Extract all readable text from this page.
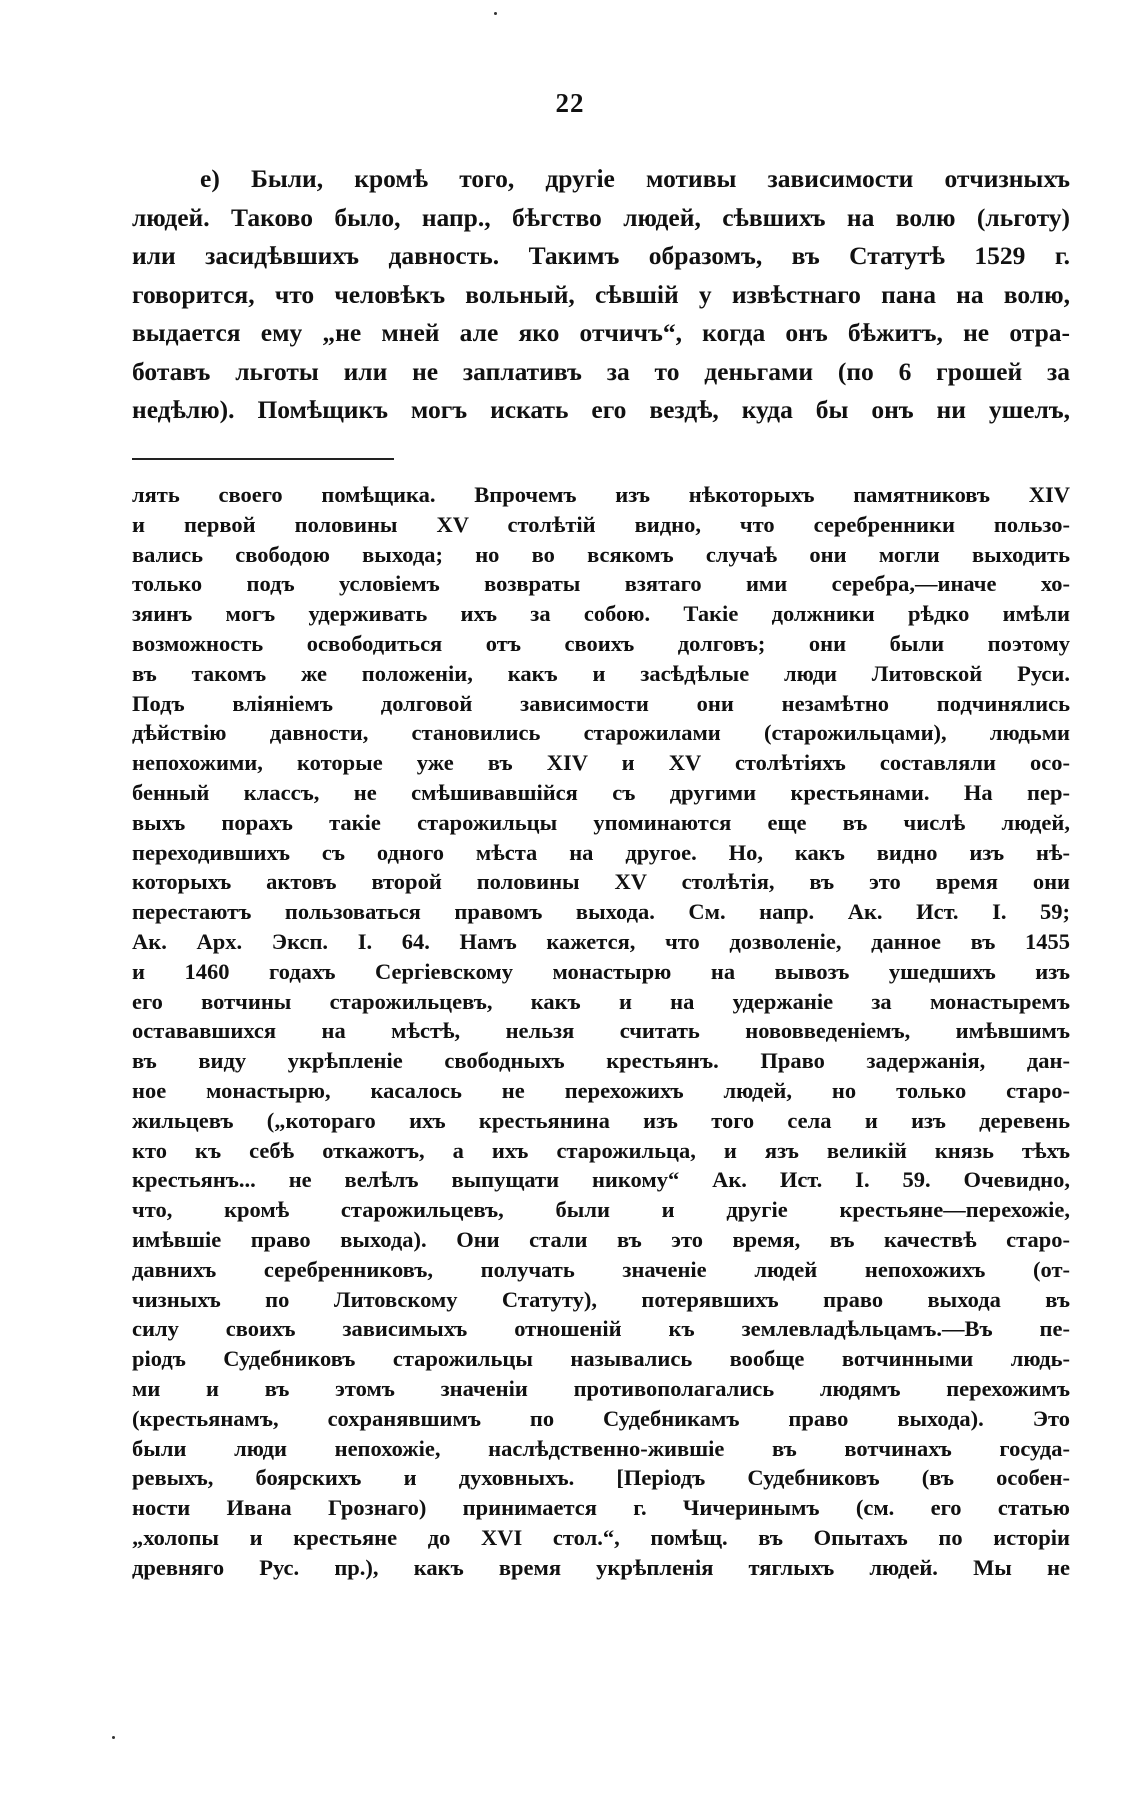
22
е) Были, кромѣ того, другіе мотивы зависимости отчизныхъ
людей. Таково было, напр., бѣгство людей, сѣвшихъ на волю (льготу)
или засидѣвшихъ давность. Такимъ образомъ, въ Статутѣ 1529 г.
говорится, что человѣкъ вольный, сѣвшій у извѣстнаго пана на волю,
выдается ему „не мней але яко отчичъ“, когда онъ бѣжитъ, не отра-
ботавъ льготы или не заплативъ за то деньгами (по 6 грошей за
недѣлю). Помѣщикъ могъ искать его вездѣ, куда бы онъ ни ушелъ,
лять своего помѣщика. Впрочемъ изъ нѣкоторыхъ памятниковъ XIV
и первой половины XV столѣтій видно, что серебренники пользо-
вались свободою выхода; но во всякомъ случаѣ они могли выходить
только подъ условіемъ возвраты взятаго ими серебра,—иначе хо-
зяинъ могъ удерживать ихъ за собою. Такіе должники рѣдко имѣли
возможность освободиться отъ своихъ долговъ; они были поэтому
въ такомъ же положеніи, какъ и засѣдѣлые люди Литовской Руси.
Подъ вліяніемъ долговой зависимости они незамѣтно подчинялись
дѣйствію давности, становились старожилами (старожильцами), людьми
непохожими, которые уже въ XIV и XV столѣтіяхъ составляли осо-
бенный классъ, не смѣшивавшійся съ другими крестьянами. На пер-
выхъ порахъ такіе старожильцы упоминаются еще въ числѣ людей,
переходившихъ съ одного мѣста на другое. Но, какъ видно изъ нѣ-
которыхъ актовъ второй половины XV столѣтія, въ это время они
перестаютъ пользоваться правомъ выхода. См. напр. Ак. Ист. I. 59;
Ак. Арх. Эксп. I. 64. Намъ кажется, что дозволеніе, данное въ 1455
и 1460 годахъ Сергіевскому монастырю на вывозъ ушедшихъ изъ
его вотчины старожильцевъ, какъ и на удержаніе за монастыремъ
остававшихся на мѣстѣ, нельзя считать нововведеніемъ, имѣвшимъ
въ виду укрѣпленіе свободныхъ крестьянъ. Право задержанія, дан-
ное монастырю, касалось не перехожихъ людей, но только старо-
жильцевъ („котораго ихъ крестьянина изъ того села и изъ деревень
кто къ себѣ откажотъ, а ихъ старожильца, и язъ великій князь тѣхъ
крестьянъ... не велѣлъ выпущати никому“ Ак. Ист. I. 59. Очевидно,
что, кромѣ старожильцевъ, были и другіе крестьяне—перехожіе,
имѣвшіе право выхода). Они стали въ это время, въ качествѣ старо-
давнихъ серебренниковъ, получать значеніе людей непохожихъ (от-
чизныхъ по Литовскому Статуту), потерявшихъ право выхода въ
силу своихъ зависимыхъ отношеній къ землевладѣльцамъ.—Въ пе-
ріодъ Судебниковъ старожильцы назывались вообще вотчинными людь-
ми и въ этомъ значеніи противополагались людямъ перехожимъ
(крестьянамъ, сохранявшимъ по Судебникамъ право выхода). Это
были люди непохожіе, наслѣдственно-жившіе въ вотчинахъ госуда-
ревыхъ, боярскихъ и духовныхъ. [Періодъ Судебниковъ (въ особен-
ности Ивана Грознаго) принимается г. Чичеринымъ (см. его статью
„холопы и крестьяне до XVI стол.“, помѣщ. въ Опытахъ по исторіи
древняго Рус. пр.), какъ время укрѣпленія тяглыхъ людей. Мы не
